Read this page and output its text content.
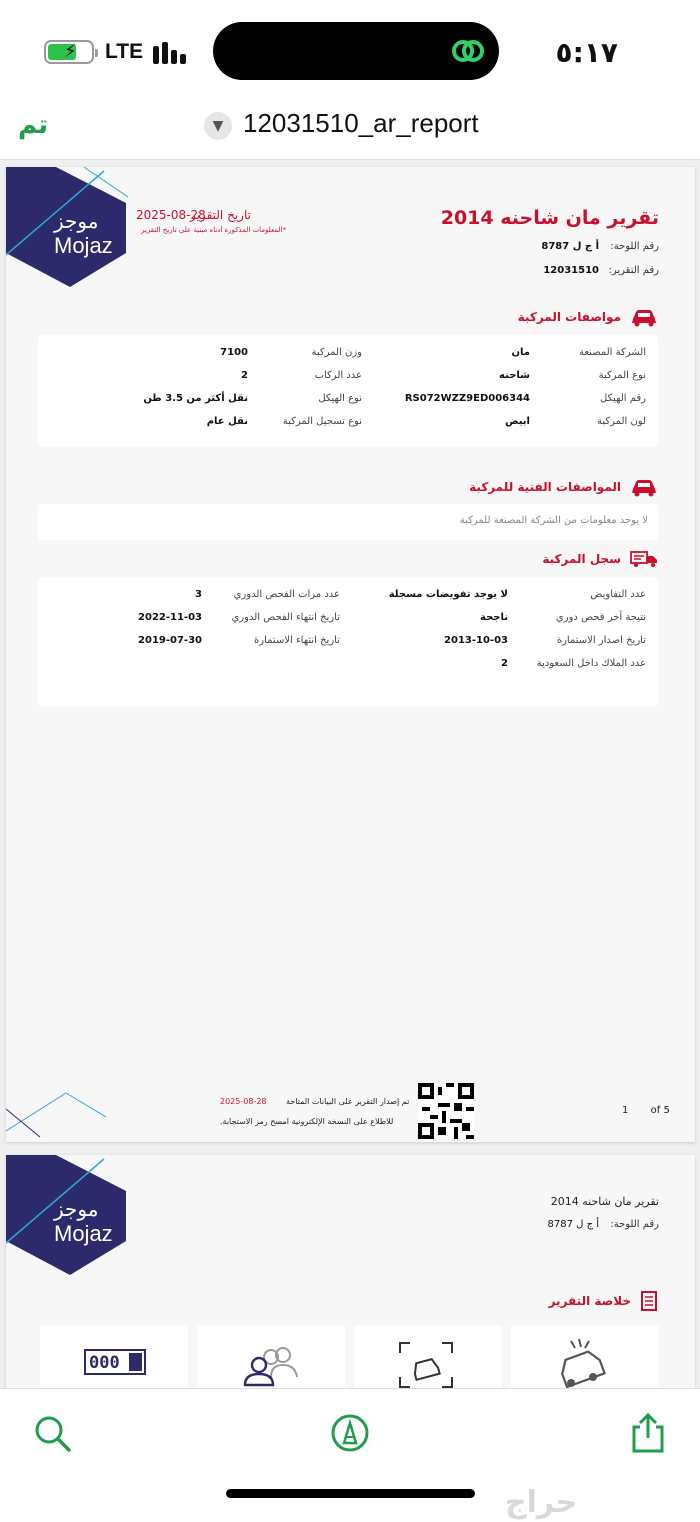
⚡ LTE	٥:١٧
تم	▼ 12031510_ar_report
موجز
Mojaz
تاريخ التقرير
2025-08-28
*المعلومات المذكورة أدناه مبنية على تاريخ التقرير
تقرير مان شاحنه 2014
رقم اللوحة:
أ ج ل 8787
رقم التقرير:
12031510
مواصفات المركبة
الشركة المصنعة
مان
وزن المركبة
7100
نوع المركبة
شاحنه
عدد الركاب
2
رقم الهيكل
RS072WZZ9ED006344
نوع الهيكل
نقل أكثر من 3.5 طن
لون المركبة
ابيض
نوع تسجيل المركبة
نقل عام
المواصفات الفنية للمركبة
لا يوجد معلومات من الشركة المصنعة للمركبة
سجل المركبة
عدد التفاويض
لا يوجد تفويضات مسجلة
عدد مرات الفحص الدوري
3
نتيجة آخر فحص دوري
ناجحة
تاريخ انتهاء الفحص الدوري
2022-11-03
تاريخ اصدار الاستمارة
2013-10-03
تاريخ انتهاء الاستمارة
2019-07-30
عدد الملاك داخل السعودية
2
2025-08-28 تم إصدار التقرير على البيانات المتاحة
للاطلاع على النسخة الإلكترونية امسح رمز الاستجابة.
1 of 5
موجز
Mojaz
تقرير مان شاحنه 2014
رقم اللوحة:
أ ج ل 8787
خلاصة التقرير
000
حراج
